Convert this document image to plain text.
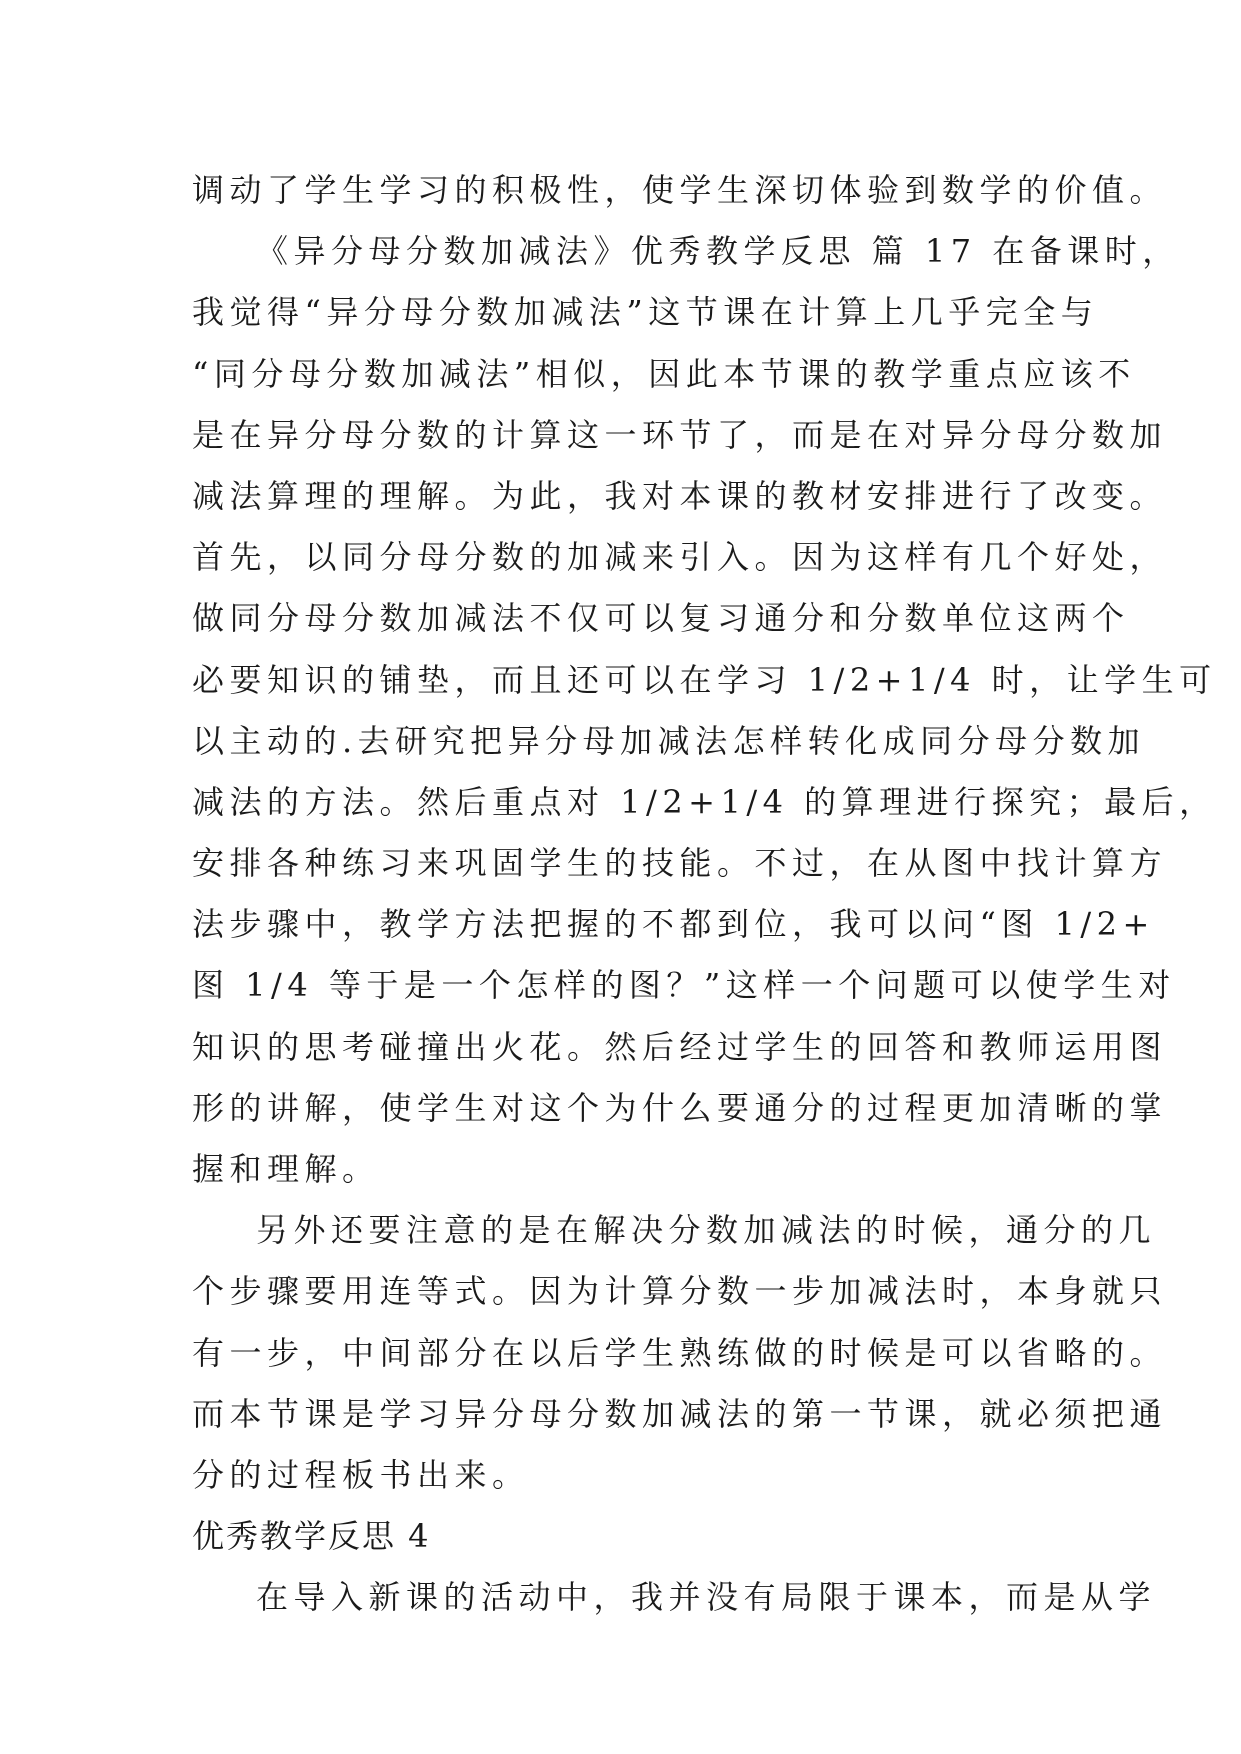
调动了学生学习的积极性，使学生深切体验到数学的价值。

《异分母分数加减法》优秀教学反思 篇 17 在备课时，

我觉得“异分母分数加减法”这节课在计算上几乎完全与

“同分母分数加减法”相似，因此本节课的教学重点应该不

是在异分母分数的计算这一环节了，而是在对异分母分数加

减法算理的理解。为此，我对本课的教材安排进行了改变。

首先，以同分母分数的加减来引入。因为这样有几个好处，

做同分母分数加减法不仅可以复习通分和分数单位这两个

必要知识的铺垫，而且还可以在学习 1/2+1/4 时，让学生可

以主动的.去研究把异分母加减法怎样转化成同分母分数加

减法的方法。然后重点对 1/2+1/4 的算理进行探究；最后，

安排各种练习来巩固学生的技能。不过，在从图中找计算方

法步骤中，教学方法把握的不都到位，我可以问“图 1/2+

图 1/4 等于是一个怎样的图？”这样一个问题可以使学生对

知识的思考碰撞出火花。然后经过学生的回答和教师运用图

形的讲解，使学生对这个为什么要通分的过程更加清晰的掌

握和理解。

另外还要注意的是在解决分数加减法的时候，通分的几

个步骤要用连等式。因为计算分数一步加减法时，本身就只

有一步，中间部分在以后学生熟练做的时候是可以省略的。

而本节课是学习异分母分数加减法的第一节课，就必须把通

分的过程板书出来。

优秀教学反思 4

在导入新课的活动中，我并没有局限于课本，而是从学
